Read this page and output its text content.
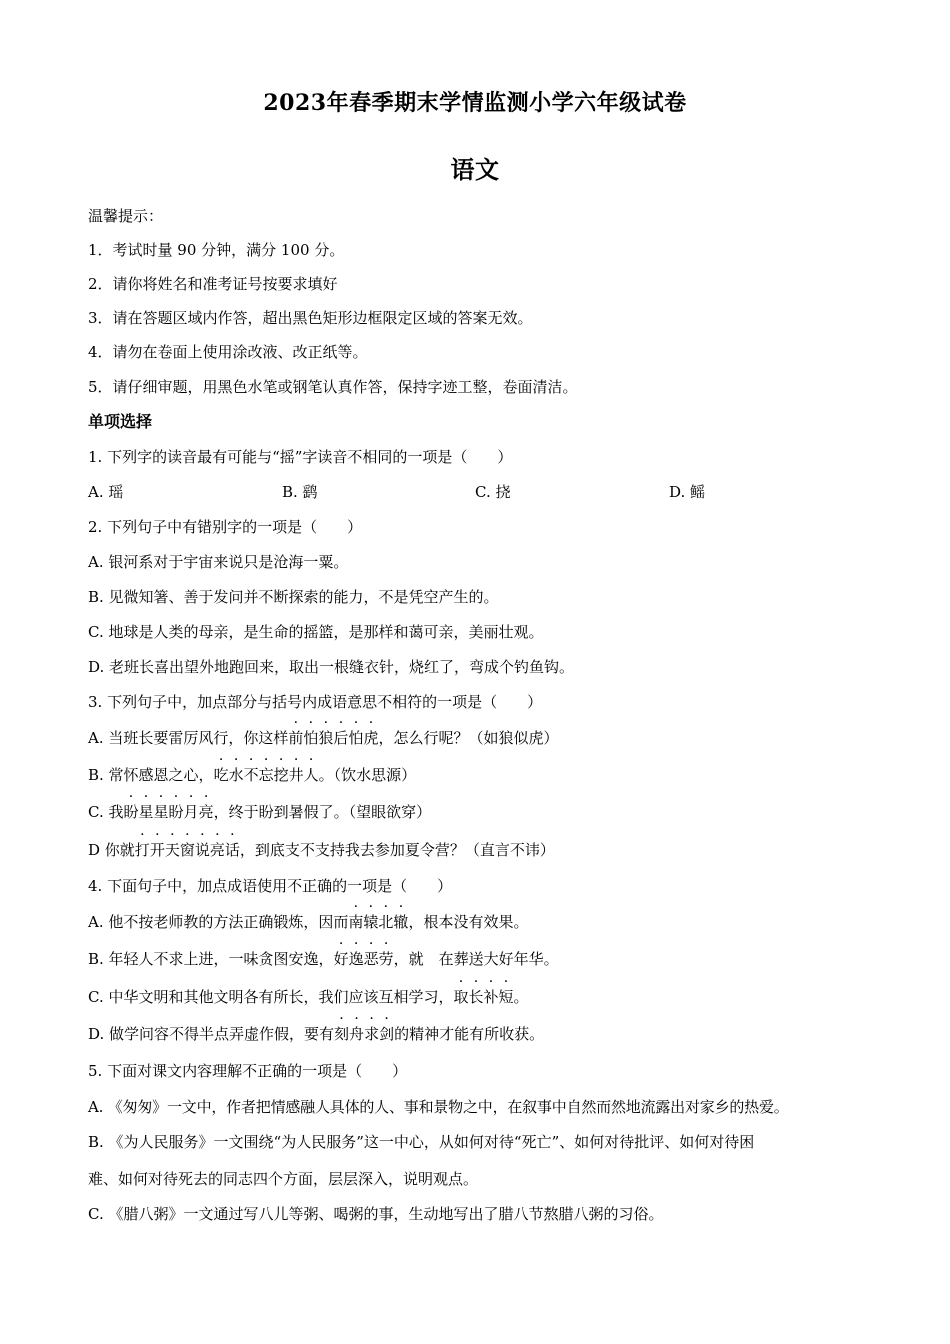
2023年春季期末学情监测小学六年级试卷
语文
温馨提示：
1．考试时量 90 分钟，满分 100 分。
2．请你将姓名和准考证号按要求填好
3．请在答题区域内作答，超出黑色矩形边框限定区域的答案无效。
4．请勿在卷面上使用涂改液、改正纸等。
5．请仔细审题，用黑色水笔或钢笔认真作答，保持字迹工整，卷面清洁。
单项选择
1. 下列字的读音最有可能与“摇”字读音不相同的一项是（　　）
A. 瑶	B. 鹞	C. 挠	D. 鳐
2. 下列句子中有错别字的一项是（　　）
A. 银河系对于宇宙来说只是沧海一粟。
B. 见微知箸、善于发问并不断探索的能力，不是凭空产生的。
C. 地球是人类的母亲，是生命的摇篮，是那样和蔼可亲，美丽壮观。
D. 老班长喜出望外地跑回来，取出一根缝衣针，烧红了，弯成个钓鱼钩。
3. 下列句子中，加点部分与括号内成语意思不相符的一项是（　　）
A. 当班长要雷厉风行，你这样前怕狼后怕虎，怎么行呢？（如狼似虎）
B. 常怀感恩之心，吃水不忘挖井人。（饮水思源）
C. 我盼星星盼月亮，终于盼到暑假了。（望眼欲穿）
D 你就打开天窗说亮话，到底支不支持我去参加夏令营？（直言不讳）
4. 下面句子中，加点成语使用不正确的一项是（　　）
A. 他不按老师教的方法正确锻炼，因而南辕北辙，根本没有效果。
B. 年轻人不求上进，一味贪图安逸，好逸恶劳，就　在葬送大好年华。
C. 中华文明和其他文明各有所长，我们应该互相学习，取长补短。
D. 做学问容不得半点弄虚作假，要有刻舟求剑的精神才能有所收获。
5. 下面对课文内容理解不正确的一项是（　　）
A. 《匆匆》一文中，作者把情感融人具体的人、事和景物之中，在叙事中自然而然地流露出对家乡的热爱。
B. 《为人民服务》一文围绕“为人民服务”这一中心，从如何对待“死亡”、如何对待批评、如何对待困
难、如何对待死去的同志四个方面，层层深入，说明观点。
C. 《腊八粥》一文通过写八儿等粥、喝粥的事，生动地写出了腊八节熬腊八粥的习俗。
